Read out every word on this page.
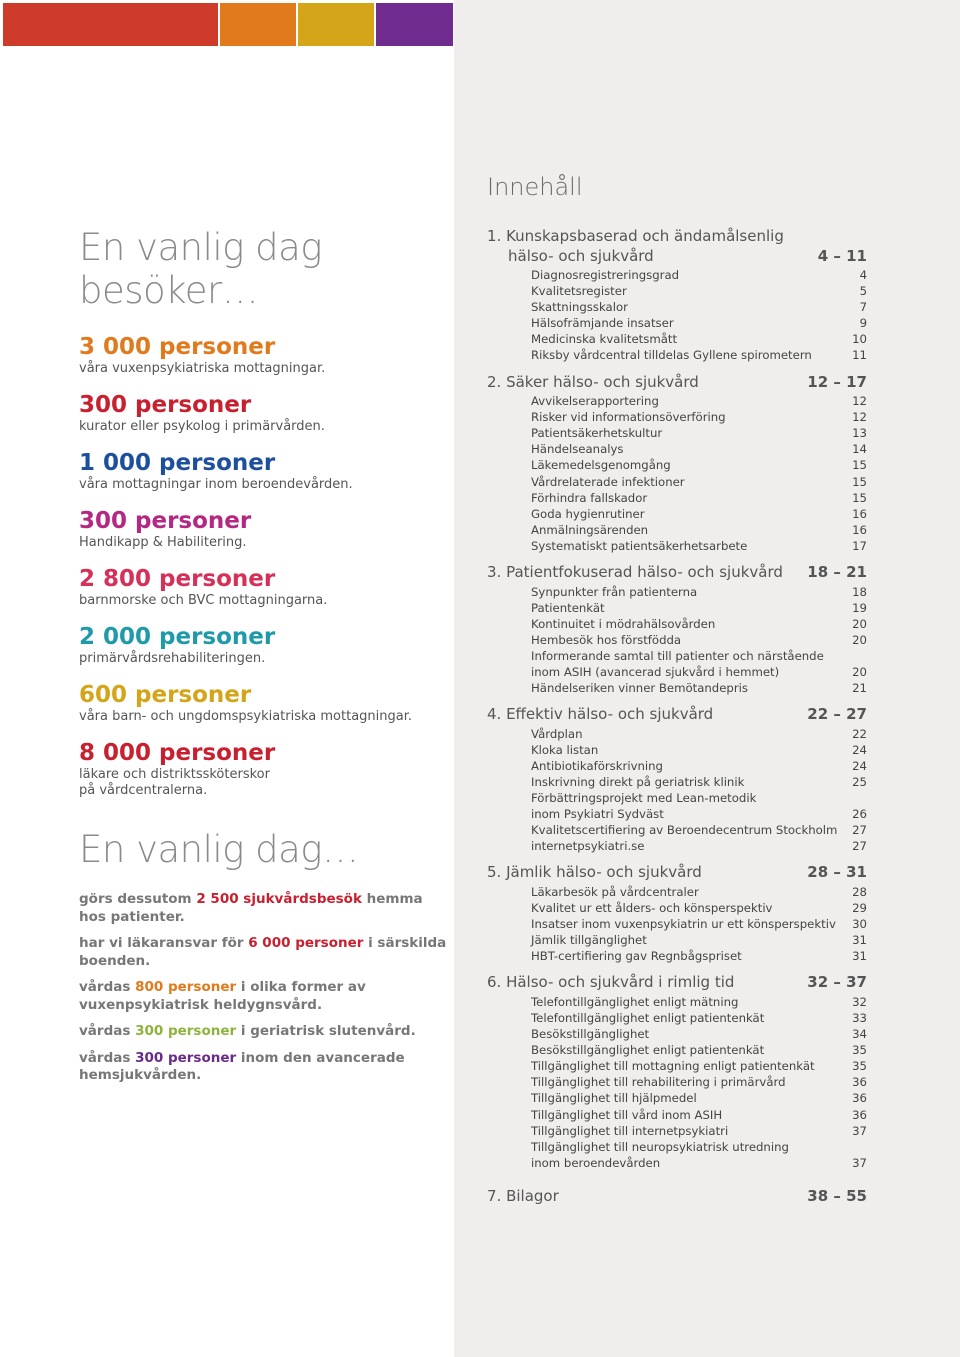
En vanlig dag
besöker…
3 000 personer
våra vuxenpsykiatriska mottagningar.
300 personer
kurator eller psykolog i primärvården.
1 000 personer
våra mottagningar inom beroendevården.
300 personer
Handikapp & Habilitering.
2 800 personer
barnmorske och BVC mottagningarna.
2 000 personer
primärvårdsrehabiliteringen.
600 personer
våra barn- och ungdomspsykiatriska mottagningar.
8 000 personer
läkare och distriktssköterskor
på vårdcentralerna.
En vanlig dag…
görs dessutom 2 500 sjukvårdsbesök hemma hos patienter.
har vi läkaransvar för 6 000 personer i särskilda boenden.
vårdas 800 personer i olika former av vuxenpsykiatrisk heldygnsvård.
vårdas 300 personer i geriatrisk slutenvård.
vårdas 300 personer inom den avancerade hemsjukvården.
Innehåll
1. Kunskapsbaserad och ändamålsenlig
hälso- och sjukvård	4 – 11
Diagnosregistreringsgrad	4
Kvalitetsregister	5
Skattningsskalor	7
Hälsofrämjande insatser	9
Medicinska kvalitetsmått	10
Riksby vårdcentral tilldelas Gyllene spirometern	11
2. Säker hälso- och sjukvård	12 – 17
Avvikelserapportering	12
Risker vid informationsöverföring	12
Patientsäkerhetskultur	13
Händelseanalys	14
Läkemedelsgenomgång	15
Vårdrelaterade infektioner	15
Förhindra fallskador	15
Goda hygienrutiner	16
Anmälningsärenden	16
Systematiskt patientsäkerhetsarbete	17
3. Patientfokuserad hälso- och sjukvård 18 – 21
Synpunkter från patienterna	18
Patientenkät	19
Kontinuitet i mödrahälsovården	20
Hembesök hos förstfödda	20
Informerande samtal till patienter och närstående
inom ASIH (avancerad sjukvård i hemmet)	20
Händelseriken vinner Bemötandepris	21
4. Effektiv hälso- och sjukvård	22 – 27
Vårdplan	22
Kloka listan	24
Antibiotikaförskrivning	24
Inskrivning direkt på geriatrisk klinik	25
Förbättringsprojekt med Lean-metodik
inom Psykiatri Sydväst	26
Kvalitetscertifiering av Beroendecentrum Stockholm 27
internetpsykiatri.se	27
5. Jämlik hälso- och sjukvård	28 – 31
Läkarbesök på vårdcentraler	28
Kvalitet ur ett ålders- och könsperspektiv	29
Insatser inom vuxenpsykiatrin ur ett könsperspektiv 30
Jämlik tillgänglighet	31
HBT-certifiering gav Regnbågspriset	31
6. Hälso- och sjukvård i rimlig tid	32 – 37
Telefontillgänglighet enligt mätning	32
Telefontillgänglighet enligt patientenkät	33
Besökstillgänglighet	34
Besökstillgänglighet enligt patientenkät	35
Tillgänglighet till mottagning enligt patientenkät	35
Tillgänglighet till rehabilitering i primärvård	36
Tillgänglighet till hjälpmedel	36
Tillgänglighet till vård inom ASIH	36
Tillgänglighet till internetpsykiatri	37
Tillgänglighet till neuropsykiatrisk utredning
inom beroendevården	37
7. Bilagor	38 – 55
